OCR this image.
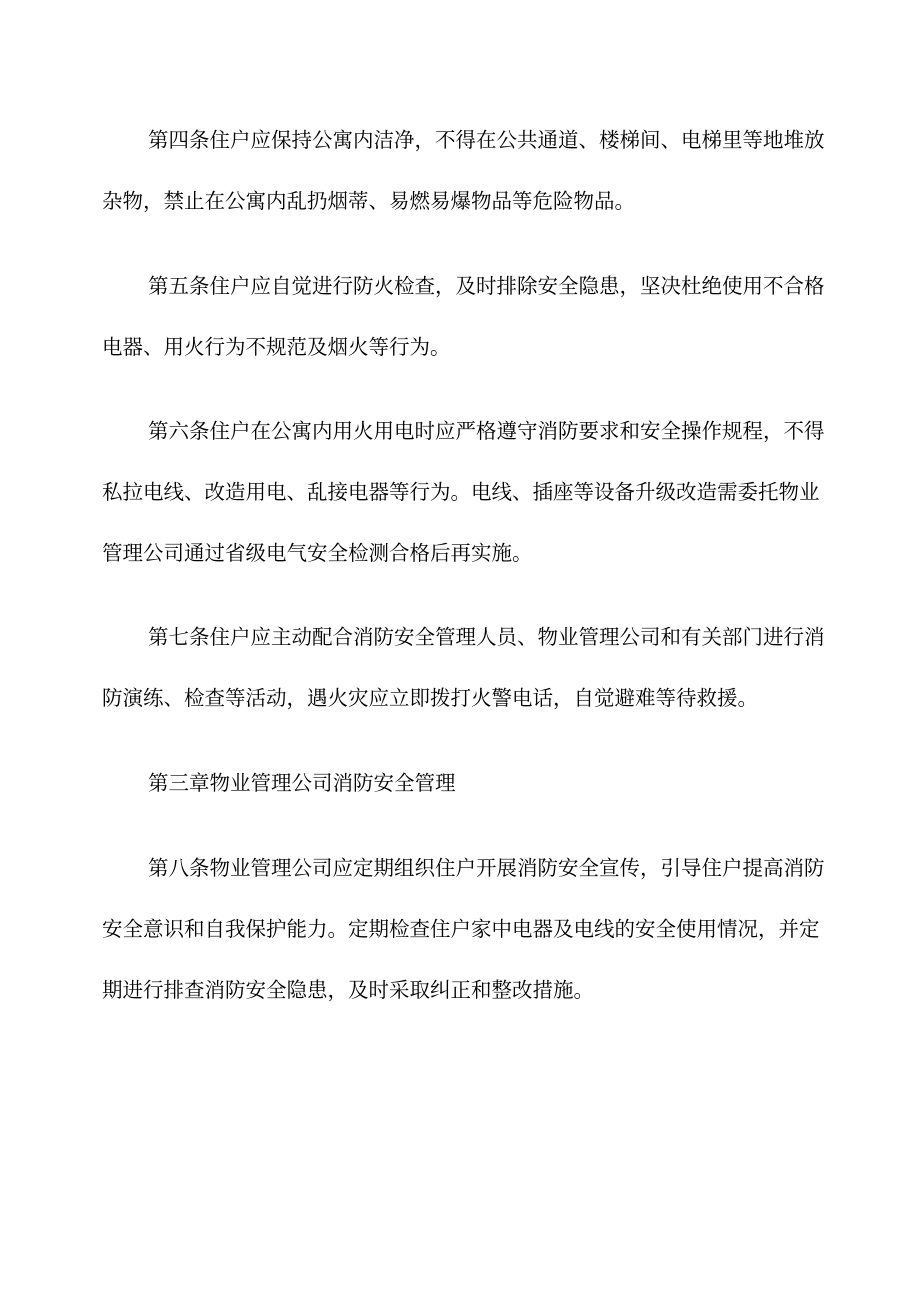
第四条住户应保持公寓内洁净，不得在公共通道、楼梯间、电梯里等地堆放
杂物，禁止在公寓内乱扔烟蒂、易燃易爆物品等危险物品。

第五条住户应自觉进行防火检查，及时排除安全隐患，坚决杜绝使用不合格
电器、用火行为不规范及烟火等行为。

第六条住户在公寓内用火用电时应严格遵守消防要求和安全操作规程，不得
私拉电线、改造用电、乱接电器等行为。电线、插座等设备升级改造需委托物业
管理公司通过省级电气安全检测合格后再实施。

第七条住户应主动配合消防安全管理人员、物业管理公司和有关部门进行消
防演练、检查等活动，遇火灾应立即拨打火警电话，自觉避难等待救援。

第三章物业管理公司消防安全管理

第八条物业管理公司应定期组织住户开展消防安全宣传，引导住户提高消防
安全意识和自我保护能力。定期检查住户家中电器及电线的安全使用情况，并定
期进行排查消防安全隐患，及时采取纠正和整改措施。
